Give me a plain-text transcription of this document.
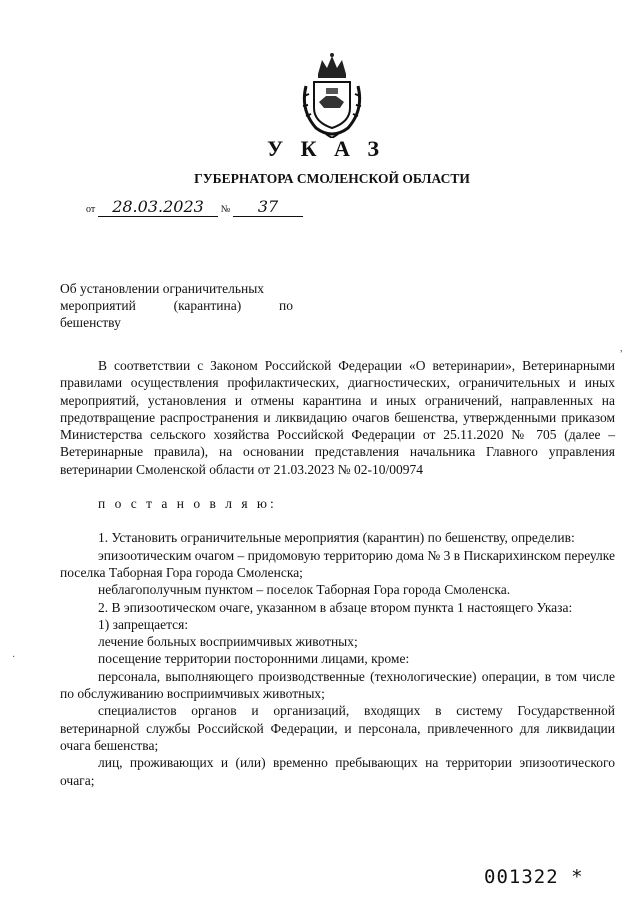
У К А З
ГУБЕРНАТОРА СМОЛЕНСКОЙ ОБЛАСТИ
от 28.03.2023 № 37
Об установлении ограничительных
мероприятий (карантина) по
бешенству
,
·

В соответствии с Законом Российской Федерации «О ветеринарии», Ветеринарными правилами осуществления профилактических, диагностических, ограничительных и иных мероприятий, установления и отмены карантина и иных ограничений, направленных на предотвращение распространения и ликвидацию очагов бешенства, утвержденными приказом Министерства сельского хозяйства Российской Федерации от 25.11.2020 № 705 (далее – Ветеринарные правила), на основании представления начальника Главного управления ветеринарии Смоленской области от 21.03.2023 № 02-10/00974

п о с т а н о в л я ю:

1. Установить ограничительные мероприятия (карантин) по бешенству, определив:

эпизоотическим очагом – придомовую территорию дома № 3 в Пискарихинском переулке поселка Таборная Гора города Смоленска;

неблагополучным пунктом – поселок Таборная Гора города Смоленска.

2. В эпизоотическом очаге, указанном в абзаце втором пункта 1 настоящего Указа:

1) запрещается:

лечение больных восприимчивых животных;

посещение территории посторонними лицами, кроме:

персонала, выполняющего производственные (технологические) операции, в том числе по обслуживанию восприимчивых животных;

специалистов органов и организаций, входящих в систему Государственной ветеринарной службы Российской Федерации, и персонала, привлеченного для ликвидации очага бешенства;

лиц, проживающих и (или) временно пребывающих на территории эпизоотического очага;

001322 *
